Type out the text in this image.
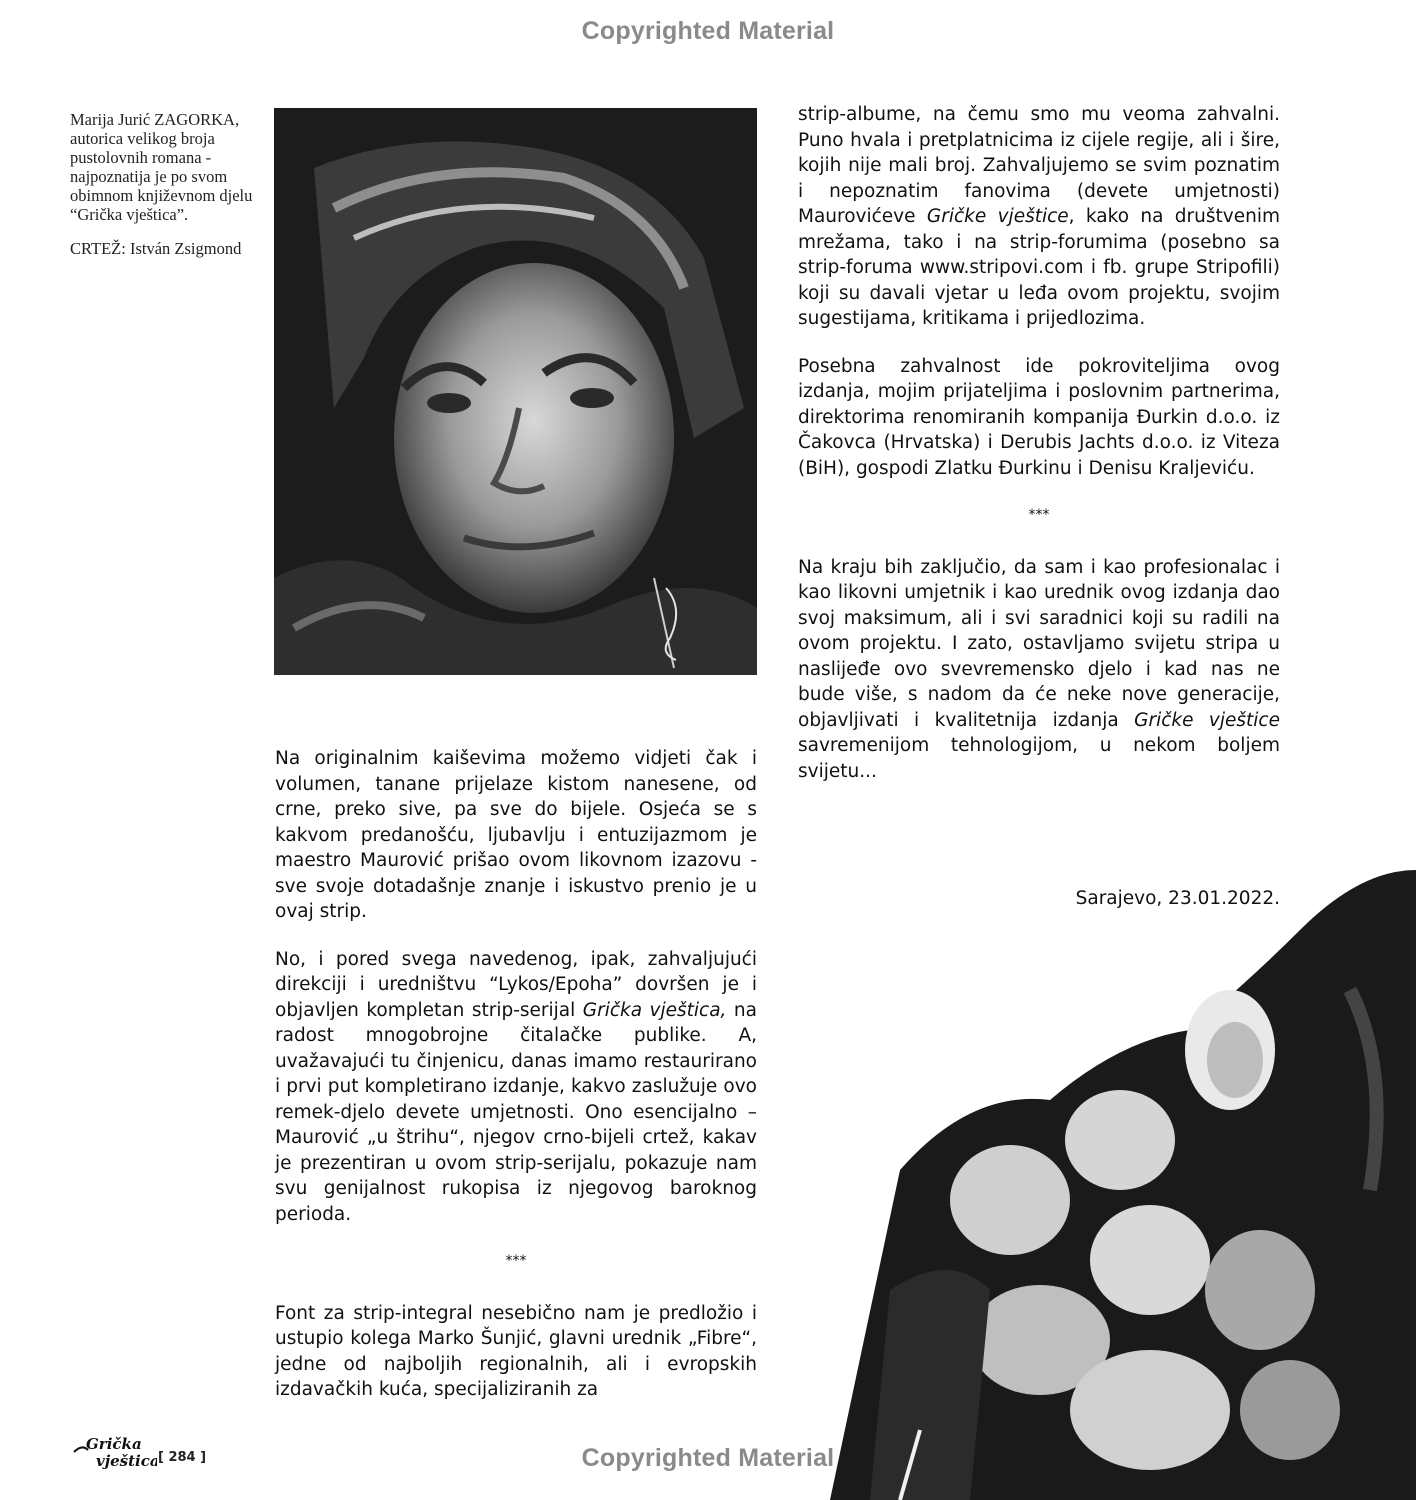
Copyrighted Material

Marija Jurić ZAGORKA, autorica velikog broja pustolovnih romana - najpoznatija je po svom obimnom književnom djelu “Grička vještica”.

CRTEŽ: István Zsigmond

Na originalnim kaiševima možemo vidjeti čak i volumen, tanane prijelaze kistom nanesene, od crne, preko sive, pa sve do bijele. Osjeća se s kakvom predanošću, ljubavlju i entuzijazmom je maestro Maurović prišao ovom likovnom izazovu - sve svoje dotadašnje znanje i iskustvo prenio je u ovaj strip.

No, i pored svega navedenog, ipak, zahvaljujući direkciji i uredništvu “Lykos/Epoha” dovršen je i objavljen kompletan strip-serijal Grička vještica, na radost mnogobrojne čitalačke publike. A, uvažavajući tu činjenicu, danas imamo restaurirano i prvi put kompletirano izdanje, kakvo zaslužuje ovo remek-djelo devete umjetnosti. Ono esencijalno – Maurović „u štrihu“, njegov crno-bijeli crtež, kakav je prezentiran u ovom strip-serijalu, pokazuje nam svu genijalnost rukopisa iz njegovog baroknog perioda.

***

Font za strip-integral nesebično nam je predložio i ustupio kolega Marko Šunjić, glavni urednik „Fibre“, jedne od najboljih regionalnih, ali i evropskih izdavačkih kuća, specijaliziranih za

strip-albume, na čemu smo mu veoma zahvalni. Puno hvala i pretplatnicima iz cijele regije, ali i šire, kojih nije mali broj. Zahvaljujemo se svim poznatim i nepoznatim fanovima (devete umjetnosti) Maurovićeve Gričke vještice, kako na društvenim mrežama, tako i na strip-forumima (posebno sa strip-foruma www.stripovi.com i fb. grupe Stripofili) koji su davali vjetar u leđa ovom projektu, svojim sugestijama, kritikama i prijedlozima.

Posebna zahvalnost ide pokroviteljima ovog izdanja, mojim prijateljima i poslovnim partnerima, direktorima renomiranih kompanija Đurkin d.o.o. iz Čakovca (Hrvatska) i Derubis Jachts d.o.o. iz Viteza (BiH), gospodi Zlatku Đurkinu i Denisu Kraljeviću.

***

Na kraju bih zaključio, da sam i kao profesionalac i kao likovni umjetnik i kao urednik ovog izdanja dao svoj maksimum, ali i svi saradnici koji su radili na ovom projektu. I zato, ostavljamo svijetu stripa u naslijeđe ovo svevremensko djelo i kad nas ne bude više, s nadom da će neke nove generacije, objavljivati i kvalitetnija izdanja Gričke vještice savremenijom tehnologijom, u nekom boljem svijetu...

Sarajevo, 23.01.2022.
Copyrighted Material
Grička
vještica
[ 284 ]
